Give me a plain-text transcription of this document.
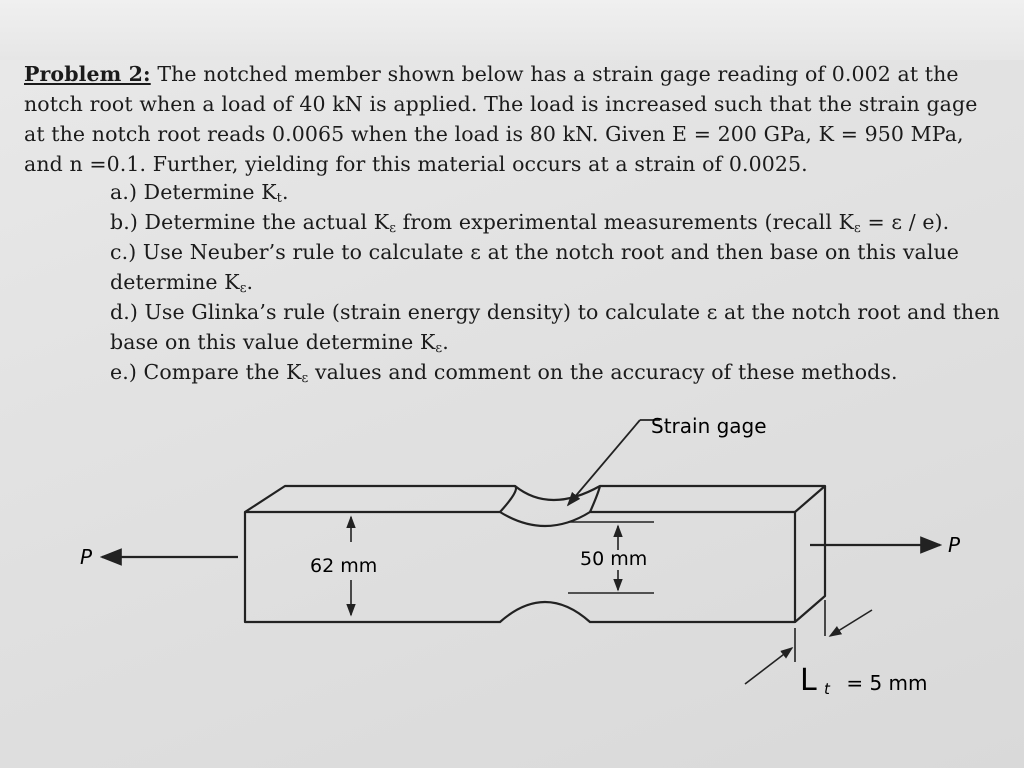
Problem 2: The notched member shown below has a strain gage reading of 0.002 at the
notch root when a load of 40 kN is applied. The load is increased such that the strain gage
at the notch root reads 0.0065 when the load is 80 kN. Given E = 200 GPa, K = 950 MPa,
and n =0.1. Further, yielding for this material occurs at a strain of 0.0025.
a.) Determine $K_t$.
b.) Determine the actual $K_\varepsilon$ from experimental measurements (recall $K_\varepsilon = \varepsilon / e$).
c.) Use Neuber’s rule to calculate ε at the notch root and then base on this value
determine $K_\varepsilon$.
d.) Use Glinka’s rule (strain energy density) to calculate ε at the notch root and then
base on this value determine $K_\varepsilon$.
e.) Compare the $K_\varepsilon$ values and comment on the accuracy of these methods.
P	P
Strain gage
62 mm	50 mm
L t = 5 mm
